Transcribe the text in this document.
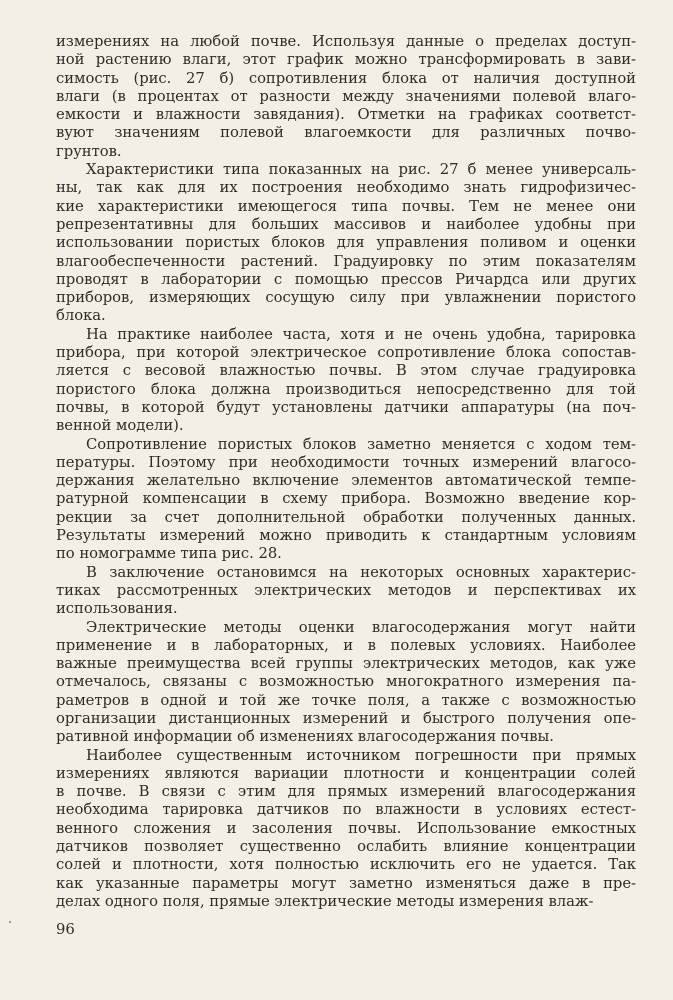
измерениях на любой почве. Используя данные о пределах доступ-
ной растению влаги, этот график можно трансформировать в зави-
симость (рис. 27 б) сопротивления блока от наличия доступной
влаги (в процентах от разности между значениями полевой влаго-
емкости и влажности завядания). Отметки на графиках соответст-
вуют значениям полевой влагоемкости для различных почво-
грунтов.
Характеристики типа показанных на рис. 27 б менее универсаль-
ны, так как для их построения необходимо знать гидрофизичес-
кие характеристики имеющегося типа почвы. Тем не менее они
репрезентативны для больших массивов и наиболее удобны при
использовании пористых блоков для управления поливом и оценки
влагообеспеченности растений. Градуировку по этим показателям
проводят в лаборатории с помощью прессов Ричардса или других
приборов, измеряющих сосущую силу при увлажнении пористого
блока.
На практике наиболее часта, хотя и не очень удобна, тарировка
прибора, при которой электрическое сопротивление блока сопостав-
ляется с весовой влажностью почвы. В этом случае градуировка
пористого блока должна производиться непосредственно для той
почвы, в которой будут установлены датчики аппаратуры (на поч-
венной модели).
Сопротивление пористых блоков заметно меняется с ходом тем-
пературы. Поэтому при необходимости точных измерений влагосо-
держания желательно включение элементов автоматической темпе-
ратурной компенсации в схему прибора. Возможно введение кор-
рекции за счет дополнительной обработки полученных данных.
Результаты измерений можно приводить к стандартным условиям
по номограмме типа рис. 28.
В заключение остановимся на некоторых основных характерис-
тиках рассмотренных электрических методов и перспективах их
использования.
Электрические методы оценки влагосодержания могут найти
применение и в лабораторных, и в полевых условиях. Наиболее
важные преимущества всей группы электрических методов, как уже
отмечалось, связаны с возможностью многократного измерения па-
раметров в одной и той же точке поля, а также с возможностью
организации дистанционных измерений и быстрого получения опе-
ративной информации об изменениях влагосодержания почвы.
Наиболее существенным источником погрешности при прямых
измерениях являются вариации плотности и концентрации солей
в почве. В связи с этим для прямых измерений влагосодержания
необходима тарировка датчиков по влажности в условиях естест-
венного сложения и засоления почвы. Использование емкостных
датчиков позволяет существенно ослабить влияние концентрации
солей и плотности, хотя полностью исключить его не удается. Так
как указанные параметры могут заметно изменяться даже в пре-
делах одного поля, прямые электрические методы измерения влаж-
96
